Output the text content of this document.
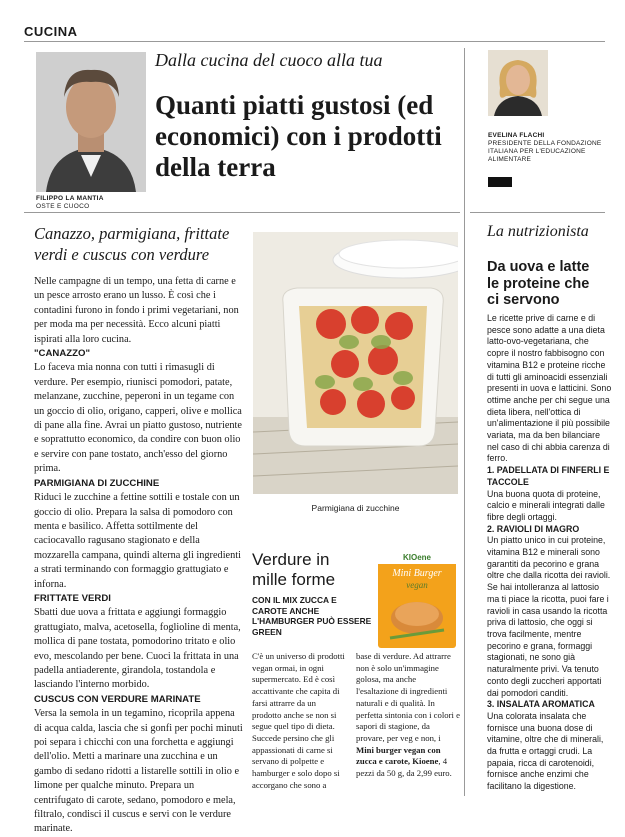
CUCINA
FILIPPO LA MANTIA
OSTE E CUOCO
Dalla cucina del cuoco alla tua
Quanti piatti gustosi (ed economici) con i prodotti della terra
EVELINA FLACHI
PRESIDENTE DELLA FONDAZIONE ITALIANA PER L'EDUCAZIONE ALIMENTARE
Canazzo, parmigiana, frittate verdi e cuscus con verdure

Nelle campagne di un tempo, una fetta di carne e un pesce arrosto erano un lusso. È così che i contadini furono in fondo i primi vegetariani, non per moda ma per necessità. Ecco alcuni piatti ispirati alla loro cucina.

"CANAZZO"

Lo faceva mia nonna con tutti i rimasugli di verdure. Per esempio, riunisci pomodori, patate, melanzane, zucchine, peperoni in un tegame con un goccio di olio, origano, capperi, olive e mollica di pane alla fine. Avrai un piatto gustoso, nutriente e soprattutto economico, da condire con buon olio e servire con pane tostato, anch'esso del giorno prima.

PARMIGIANA DI ZUCCHINE

Riduci le zucchine a fettine sottili e tostale con un goccio di olio. Prepara la salsa di pomodoro con menta e basilico. Affetta sottilmente del caciocavallo ragusano stagionato e della mozzarella campana, quindi alterna gli ingredienti a strati terminando con formaggio grattugiato e inforna.

FRITTATE VERDI

Sbatti due uova a frittata e aggiungi formaggio grattugiato, malva, acetosella, foglioline di menta, mollica di pane tostata, pomodorino tritato e olio evo, mescolando per bene. Cuoci la frittata in una padella antiaderente, girandola, tostandola e lasciando l'interno morbido.

CUSCUS CON VERDURE MARINATE

Versa la semola in un tegamino, ricoprila appena di acqua calda, lascia che si gonfi per pochi minuti poi separa i chicchi con una forchetta e aggiungi dell'olio. Metti a marinare una zucchina e un gambo di sedano ridotti a listarelle sottili in olio e limone per qualche minuto. Prepara un centrifugato di carote, sedano, pomodoro e mela, filtralo, condisci il cuscus e servi con le verdure marinate.

Parmigiana di zucchine
Verdure in mille forme
CON IL MIX ZUCCA E CAROTE ANCHE L'HAMBURGER PUÒ ESSERE GREEN
KIOene
Mini Burger
vegan

C'è un universo di prodotti vegan ormai, in ogni supermercato. Ed è così accattivante che capita di farsi attrarre da un prodotto anche se non si segue quel tipo di dieta. Succede persino che gli appassionati di carne si servano di polpette e hamburger e solo dopo si accorgano che sono a

base di verdure. Ad attrarre non è solo un'immagine golosa, ma anche l'esaltazione di ingredienti naturali e di qualità. In perfetta sintonia con i colori e sapori di stagione, da provare, per veg e non, i Mini burger vegan con zucca e carote, Kioene, 4 pezzi da 50 g, da 2,99 euro.

La nutrizionista
Da uova e latte le proteine che ci servono

Le ricette prive di carne e di pesce sono adatte a una dieta latto-ovo-vegetariana, che copre il nostro fabbisogno con vitamina B12 e proteine ricche di tutti gli aminoacidi essenziali presenti in uova e latticini. Sono ottime anche per chi segue una dieta libera, nell'ottica di un'alimentazione il più possibile variata, ma da ben bilanciare nel caso di chi abbia carenza di ferro.

1. PADELLATA DI FINFERLI E TACCOLE

Una buona quota di proteine, calcio e minerali integrati dalle fibre degli ortaggi.

2. RAVIOLI DI MAGRO

Un piatto unico in cui proteine, vitamina B12 e minerali sono garantiti da pecorino e grana oltre che dalla ricotta dei ravioli. Se hai intolleranza al lattosio ma ti piace la ricotta, puoi fare i ravioli in casa usando la ricotta priva di lattosio, che oggi si trova facilmente, mentre pecorino e grana, formaggi stagionati, ne sono già naturalmente privi. Va tenuto conto degli zuccheri apportati dai pomodori canditi.

3. INSALATA AROMATICA

Una colorata insalata che fornisce una buona dose di vitamine, oltre che di minerali, da frutta e ortaggi crudi. La papaia, ricca di carotenoidi, fornisce anche enzimi che facilitano la digestione.
